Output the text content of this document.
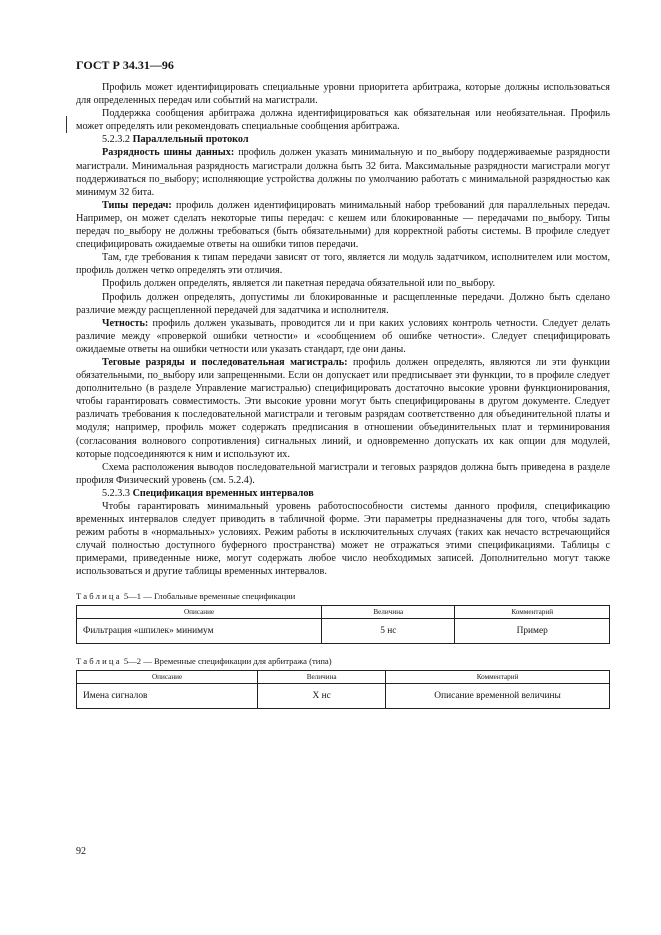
ГОСТ Р 34.31—96

Профиль может идентифицировать специальные уровни приоритета арбитража, которые должны использоваться для определенных передач или событий на магистрали.

Поддержка сообщения арбитража должна идентифицироваться как обязательная или необязательная. Профиль может определять или рекомендовать специальные сообщения арбитража.

5.2.3.2 Параллельный протокол

Разрядность шины данных: профиль должен указать минимальную и по_выбору поддерживаемые разрядности магистрали. Минимальная разрядность магистрали должна быть 32 бита. Максимальные разрядности магистрали могут поддерживаться по_выбору; исполняющие устройства должны по умолчанию работать с минимальной разрядностью как минимум 32 бита.

Типы передач: профиль должен идентифицировать минимальный набор требований для параллельных передач. Например, он может сделать некоторые типы передач: с кешем или блокированные — передачами по_выбору. Типы передач по_выбору не должны требоваться (быть обязательными) для корректной работы системы. В профиле следует специфицировать ожидаемые ответы на ошибки типов передачи.

Там, где требования к типам передачи зависят от того, является ли модуль задатчиком, исполнителем или мостом, профиль должен четко определять эти отличия.

Профиль должен определять, является ли пакетная передача обязательной или по_выбору.

Профиль должен определять, допустимы ли блокированные и расщепленные передачи. Должно быть сделано различие между расщепленной передачей для задатчика и исполнителя.

Четность: профиль должен указывать, проводится ли и при каких условиях контроль четности. Следует делать различие между «проверкой ошибки четности» и «сообщением об ошибке четности». Следует специфицировать ожидаемые ответы на ошибки четности или указать стандарт, где они даны.

Теговые разряды и последовательная магистраль: профиль должен определять, являются ли эти функции обязательными, по_выбору или запрещенными. Если он допускает или предписывает эти функции, то в профиле следует дополнительно (в разделе Управление магистралью) специфицировать достаточно высокие уровни функционирования, чтобы гарантировать совместимость. Эти высокие уровни могут быть специфицированы в другом документе. Следует различать требования к последовательной магистрали и теговым разрядам соответственно для объединительной платы и модуля; например, профиль может содержать предписания в отношении объединительных плат и терминирования (согласования волнового сопротивления) сигнальных линий, и одновременно допускать их как опции для модулей, которые подсоединяются к ним и используют их.

Схема расположения выводов последовательной магистрали и теговых разрядов должна быть приведена в разделе профиля Физический уровень (см. 5.2.4).

5.2.3.3 Спецификация временных интервалов

Чтобы гарантировать минимальный уровень работоспособности системы данного профиля, спецификацию временных интервалов следует приводить в табличной форме. Эти параметры предназначены для того, чтобы задать режим работы в «нормальных» условиях. Режим работы в исключительных случаях (таких как нечасто встречающийся случай полностью доступного буферного пространства) может не отражаться этими спецификациями. Таблицы с примерами, приведенные ниже, могут содержать любое число необходимых записей. Дополнительно могут также использоваться и другие таблицы временных интервалов.

Таблица 5—1 — Глобальные временные спецификации
Описание	Величина	Комментарий
Фильтрация «шпилек» минимум	5 нс	Пример
Таблица 5—2 — Временные спецификации для арбитража (типа)
Описание	Величина	Комментарий
Имена сигналов	X нс	Описание временной величины
92
